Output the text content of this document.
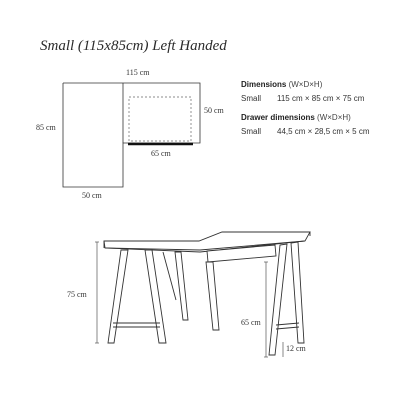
Small (115x85cm) Left Handed
115 cm
85 cm
50 cm
65 cm
50 cm
Dimensions (W×D×H)
Small 115 cm × 85 cm × 75 cm
Drawer dimensions (W×D×H)
Small 44,5 cm × 28,5 cm × 5 cm
75 cm
65 cm
12 cm
